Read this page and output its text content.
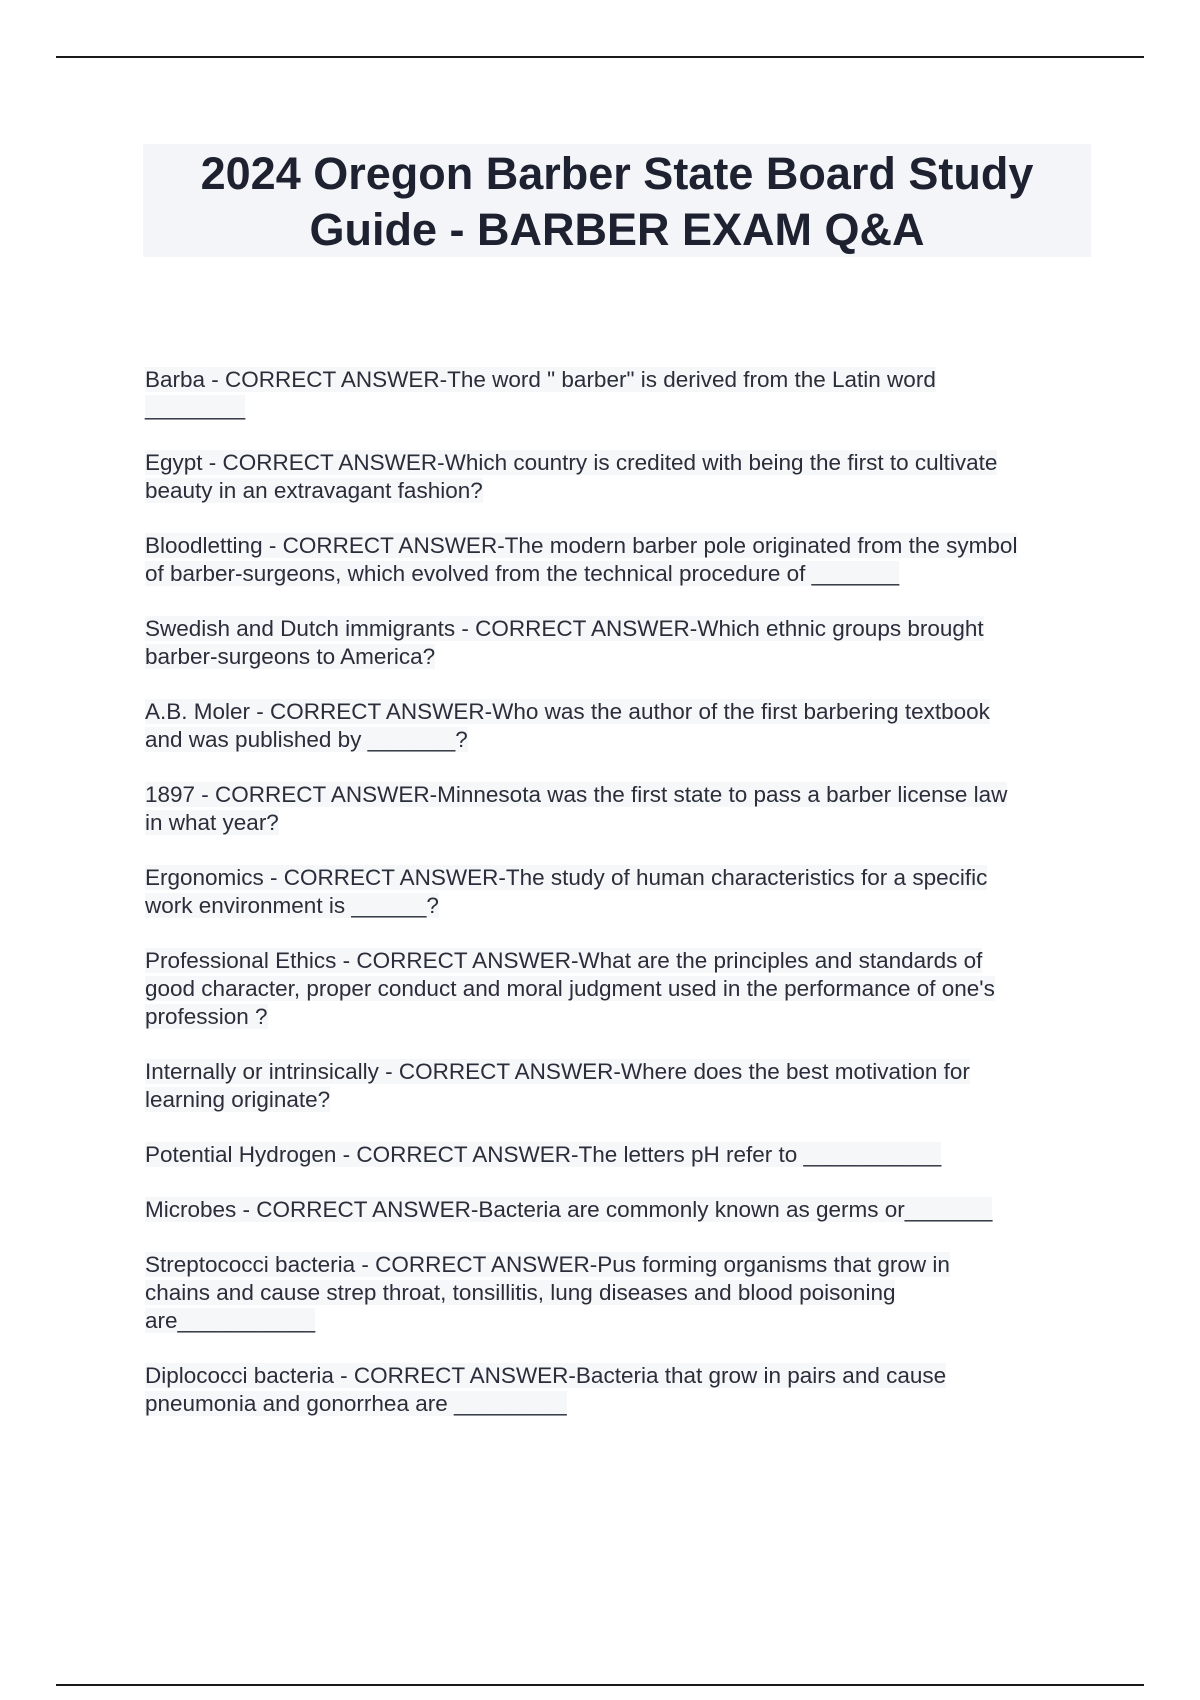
2024 Oregon Barber State Board Study
Guide - BARBER EXAM Q&A
Barba - CORRECT ANSWER-The word " barber" is derived from the Latin word
________
Egypt - CORRECT ANSWER-Which country is credited with being the first to cultivate
beauty in an extravagant fashion?
Bloodletting - CORRECT ANSWER-The modern barber pole originated from the symbol
of barber-surgeons, which evolved from the technical procedure of _______
Swedish and Dutch immigrants - CORRECT ANSWER-Which ethnic groups brought
barber-surgeons to America?
A.B. Moler - CORRECT ANSWER-Who was the author of the first barbering textbook
and was published by _______?
1897 - CORRECT ANSWER-Minnesota was the first state to pass a barber license law
in what year?
Ergonomics - CORRECT ANSWER-The study of human characteristics for a specific
work environment is ______?
Professional Ethics - CORRECT ANSWER-What are the principles and standards of
good character, proper conduct and moral judgment used in the performance of one's
profession ?
Internally or intrinsically - CORRECT ANSWER-Where does the best motivation for
learning originate?
Potential Hydrogen - CORRECT ANSWER-The letters pH refer to ___________
Microbes - CORRECT ANSWER-Bacteria are commonly known as germs or_______
Streptococci bacteria - CORRECT ANSWER-Pus forming organisms that grow in
chains and cause strep throat, tonsillitis, lung diseases and blood poisoning
are___________
Diplococci bacteria - CORRECT ANSWER-Bacteria that grow in pairs and cause
pneumonia and gonorrhea are _________
